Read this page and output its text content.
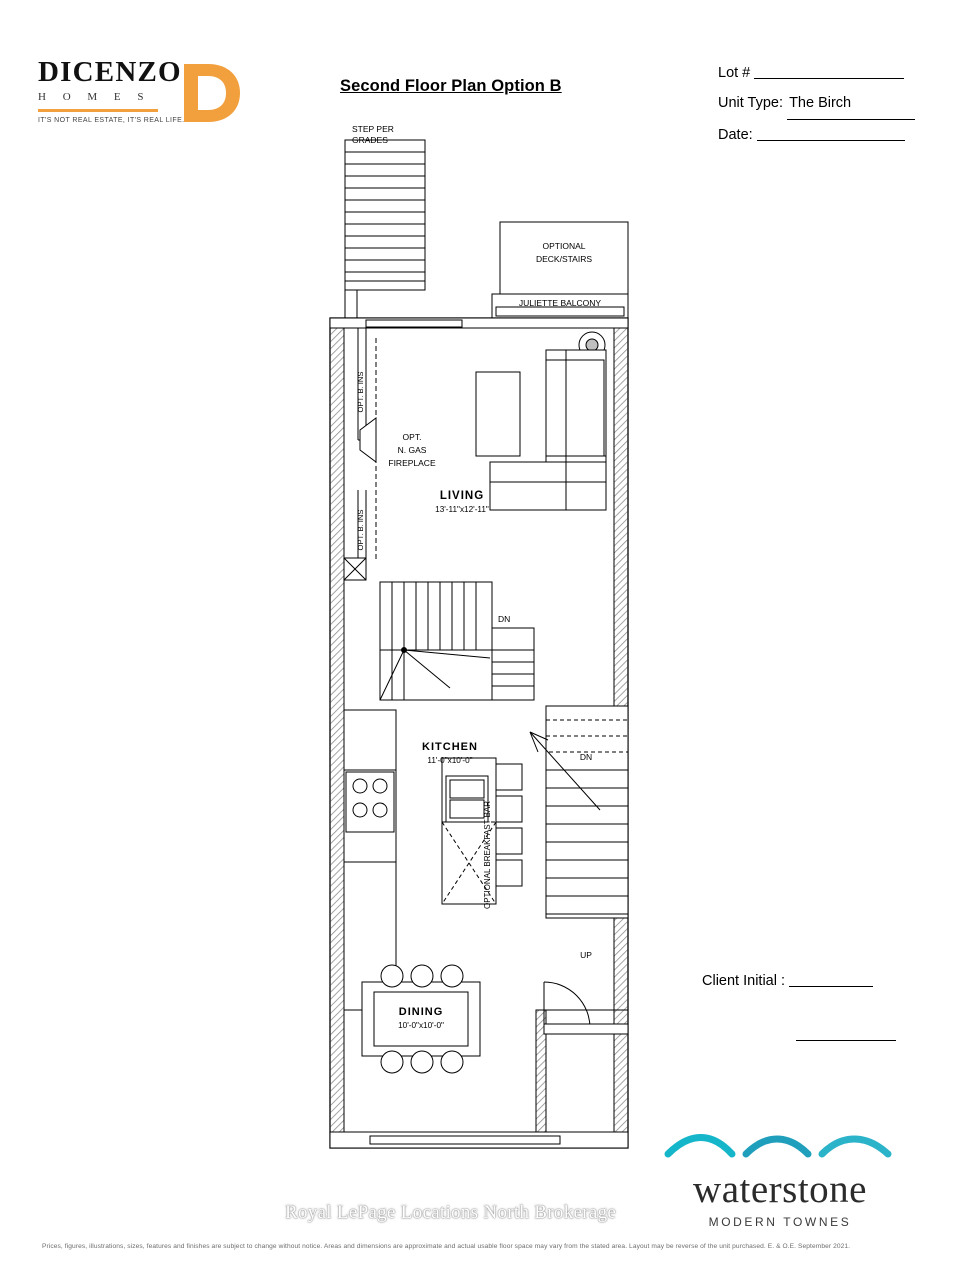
DICENZO
H O M E S
IT'S NOT REAL ESTATE, IT'S REAL LIFE.
Second Floor Plan Option B
Lot #
Unit Type: The Birch
Date:
Client Initial :
STEP PER
GRADES
OPTIONAL
DECK/STAIRS
JULIETTE BALCONY
OPT. B. INS
OPT. B. INS
OPT.
N. GAS
FIREPLACE
LIVING
13'-11"x12'-11"
DN
KITCHEN
11'-0"x10'-0"	DN
UP
OPTIONAL BREAKFAST BAR
DINING
10'-0"x10'-0"
waterstone
MODERN TOWNES
Royal LePage Locations North Brokerage
Prices, figures, illustrations, sizes, features and finishes are subject to change without notice. Areas and dimensions are approximate and actual usable floor space may vary from the stated area. Layout may be reverse of the unit purchased. E. & O.E. September 2021.
